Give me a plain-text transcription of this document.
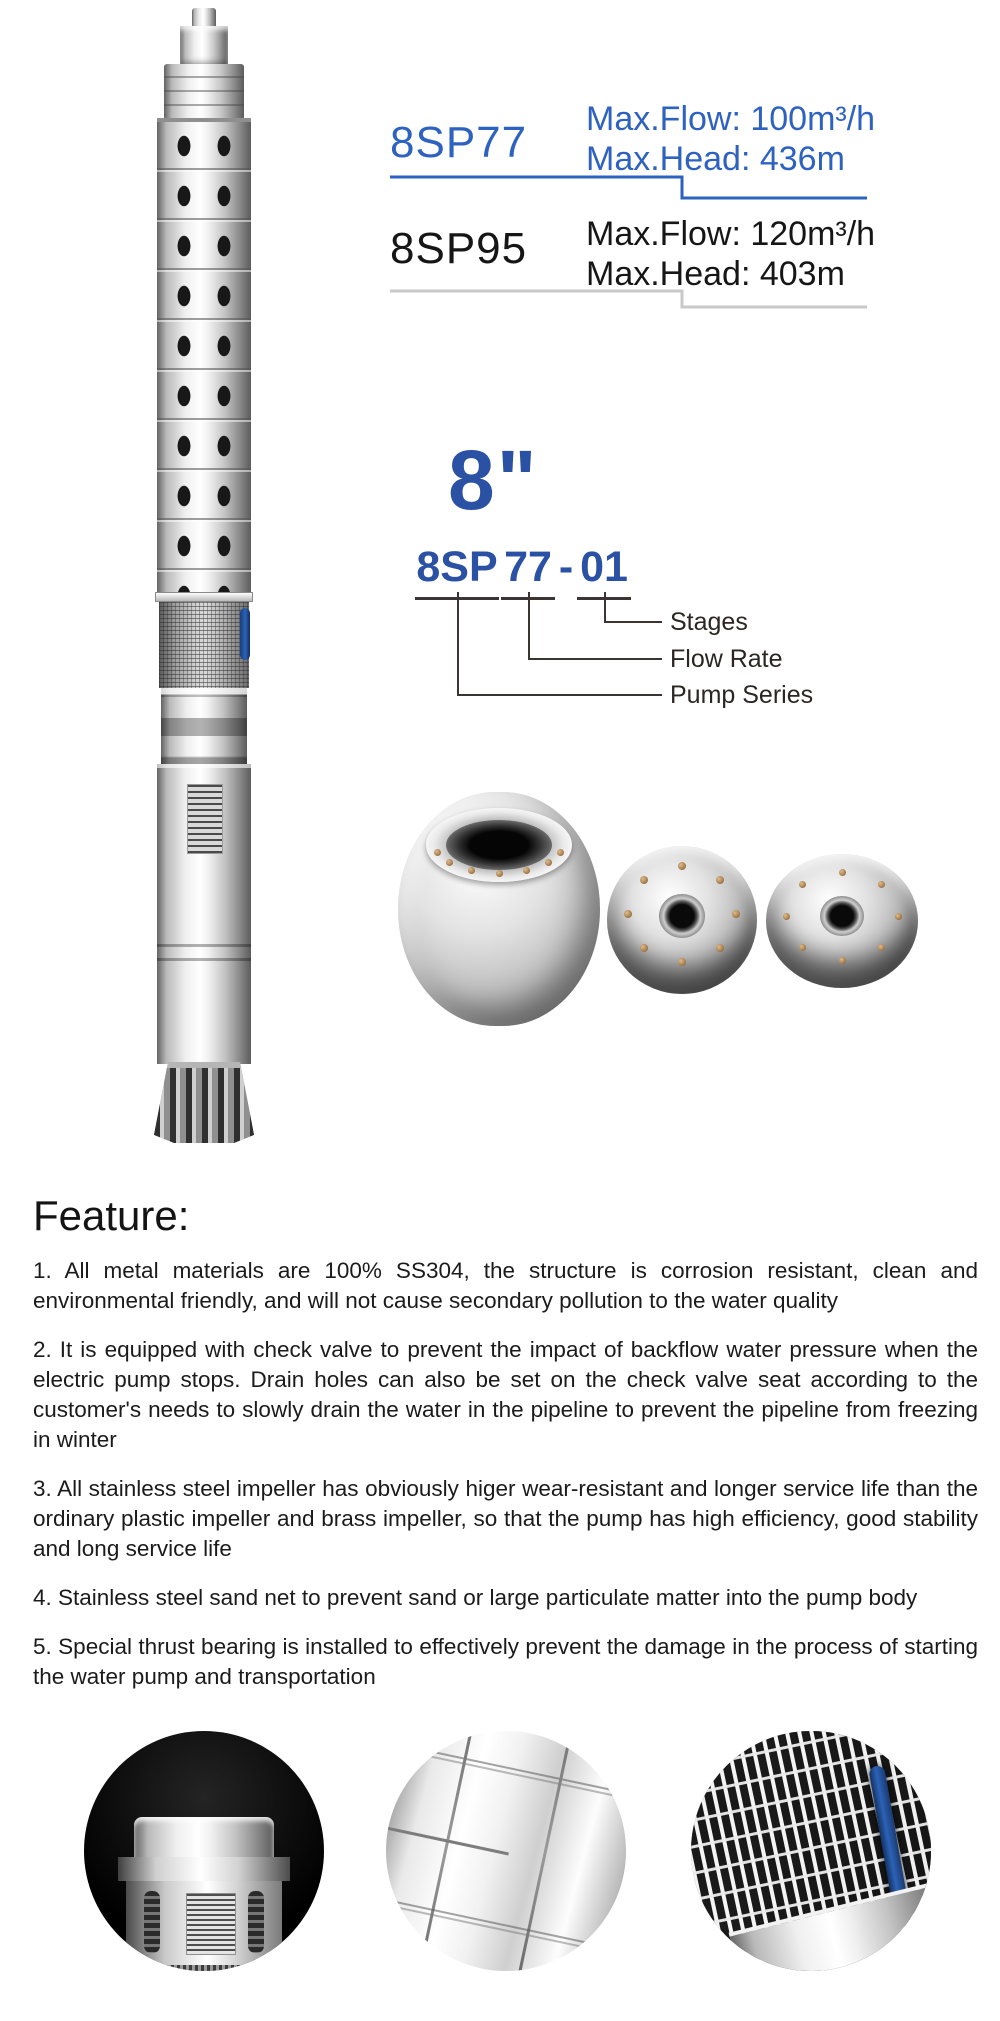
8SP77 Max.Flow: 100m³/h
Max.Head: 436m
8SP95 Max.Flow: 120m³/h
Max.Head: 403m
8"
8SP 77 - 01
Stages
Flow Rate
Pump Series
Feature:

1. All metal materials are 100% SS304, the structure is corrosion resistant, clean and environmental friendly, and will not cause secondary pollution to the water quality

2. It is equipped with check valve to prevent the impact of backflow water pressure when the electric pump stops. Drain holes can also be set on the check valve seat according to the customer's needs to slowly drain the water in the pipeline to prevent the pipeline from freezing in winter

3. All stainless steel impeller has obviously higer wear-resistant and longer service life than the ordinary plastic impeller and brass impeller, so that the pump has high efficiency, good stability and long service life

4. Stainless steel sand net to prevent sand or large particulate matter into the pump body

5. Special thrust bearing is installed to effectively prevent the damage in the process of starting the water pump and transportation
